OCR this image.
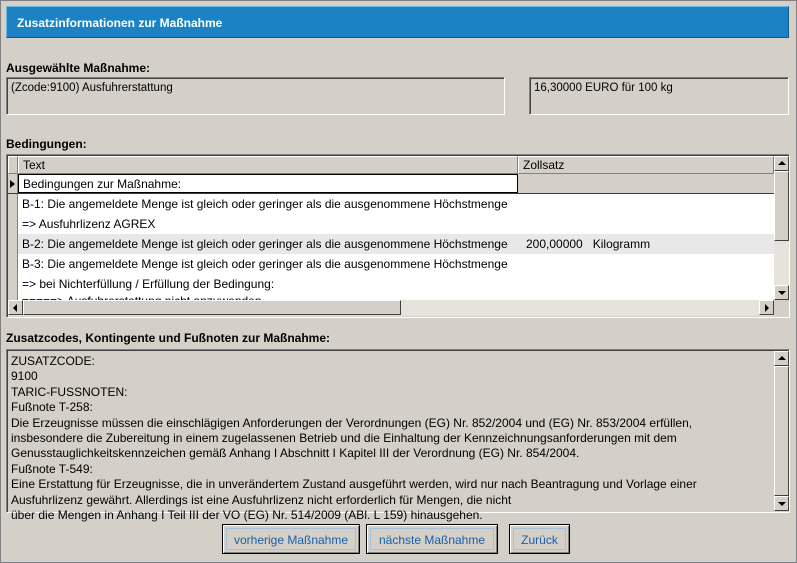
Zusatzinformationen zur Maßnahme
Ausgewählte Maßnahme:
(Zcode:9100) Ausfuhrerstattung	16,30000 EURO für 100 kg
Bedingungen:
Text	Zollsatz
Bedingungen zur Maßnahme:
B-1: Die angemeldete Menge ist gleich oder geringer als die ausgenommene Höchstmenge
=> Ausfuhrlizenz AGREX
B-2: Die angemeldete Menge ist gleich oder geringer als die ausgenommene Höchstmenge	200,00000 Kilogramm
B-3: Die angemeldete Menge ist gleich oder geringer als die ausgenommene Höchstmenge
=> bei Nichterfüllung / Erfüllung der Bedingung:
Zusatzcodes, Kontingente und Fußnoten zur Maßnahme:
ZUSATZCODE:
9100
TARIC-FUSSNOTEN:
Fußnote T-258:
Die Erzeugnisse müssen die einschlägigen Anforderungen der Verordnungen (EG) Nr. 852/2004 und (EG) Nr. 853/2004 erfüllen,
insbesondere die Zubereitung in einem zugelassenen Betrieb und die Einhaltung der Kennzeichnungsanforderungen mit dem
Genusstauglichkeitskennzeichen gemäß Anhang I Abschnitt I Kapitel III der Verordnung (EG) Nr. 854/2004.
Fußnote T-549:
Eine Erstattung für Erzeugnisse, die in unverändertem Zustand ausgeführt werden, wird nur nach Beantragung und Vorlage einer
Ausfuhrlizenz gewährt. Allerdings ist eine Ausfuhrlizenz nicht erforderlich für Mengen, die nicht
über die Mengen in Anhang I Teil III der VO (EG) Nr. 514/2009 (ABl. L 159) hinausgehen.
vorherige Maßnahme	nächste Maßnahme	Zurück
